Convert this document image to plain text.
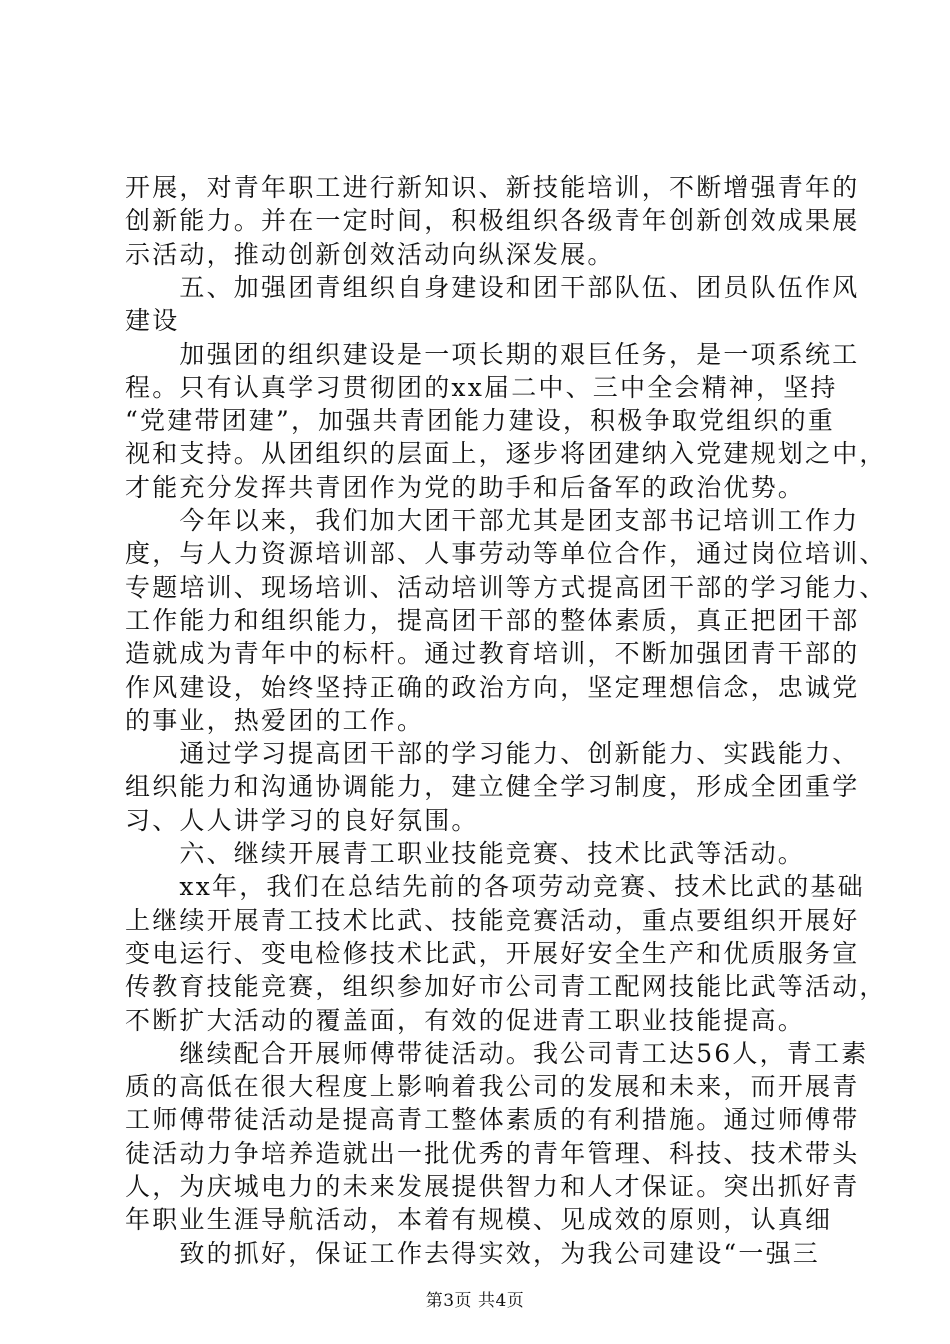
开展，对青年职工进行新知识、新技能培训，不断增强青年的
创新能力。并在一定时间，积极组织各级青年创新创效成果展
示活动，推动创新创效活动向纵深发展。
　　五、加强团青组织自身建设和团干部队伍、团员队伍作风
建设
　　加强团的组织建设是一项长期的艰巨任务，是一项系统工
程。只有认真学习贯彻团的xx届二中、三中全会精神，坚持
“党建带团建”，加强共青团能力建设，积极争取党组织的重
视和支持。从团组织的层面上，逐步将团建纳入党建规划之中，
才能充分发挥共青团作为党的助手和后备军的政治优势。
　　今年以来，我们加大团干部尤其是团支部书记培训工作力
度，与人力资源培训部、人事劳动等单位合作，通过岗位培训、
专题培训、现场培训、活动培训等方式提高团干部的学习能力、
工作能力和组织能力，提高团干部的整体素质，真正把团干部
造就成为青年中的标杆。通过教育培训，不断加强团青干部的
作风建设，始终坚持正确的政治方向，坚定理想信念，忠诚党
的事业，热爱团的工作。
　　通过学习提高团干部的学习能力、创新能力、实践能力、
组织能力和沟通协调能力，建立健全学习制度，形成全团重学
习、人人讲学习的良好氛围。
　　六、继续开展青工职业技能竞赛、技术比武等活动。
　　xx年，我们在总结先前的各项劳动竞赛、技术比武的基础
上继续开展青工技术比武、技能竞赛活动，重点要组织开展好
变电运行、变电检修技术比武，开展好安全生产和优质服务宣
传教育技能竞赛，组织参加好市公司青工配网技能比武等活动，
不断扩大活动的覆盖面，有效的促进青工职业技能提高。
　　继续配合开展师傅带徒活动。我公司青工达56人，青工素
质的高低在很大程度上影响着我公司的发展和未来，而开展青
工师傅带徒活动是提高青工整体素质的有利措施。通过师傅带
徒活动力争培养造就出一批优秀的青年管理、科技、技术带头
人，为庆城电力的未来发展提供智力和人才保证。突出抓好青
年职业生涯导航活动，本着有规模、见成效的原则，认真细
　　致的抓好，保证工作去得实效，为我公司建设“一强三
第3页 共4页
